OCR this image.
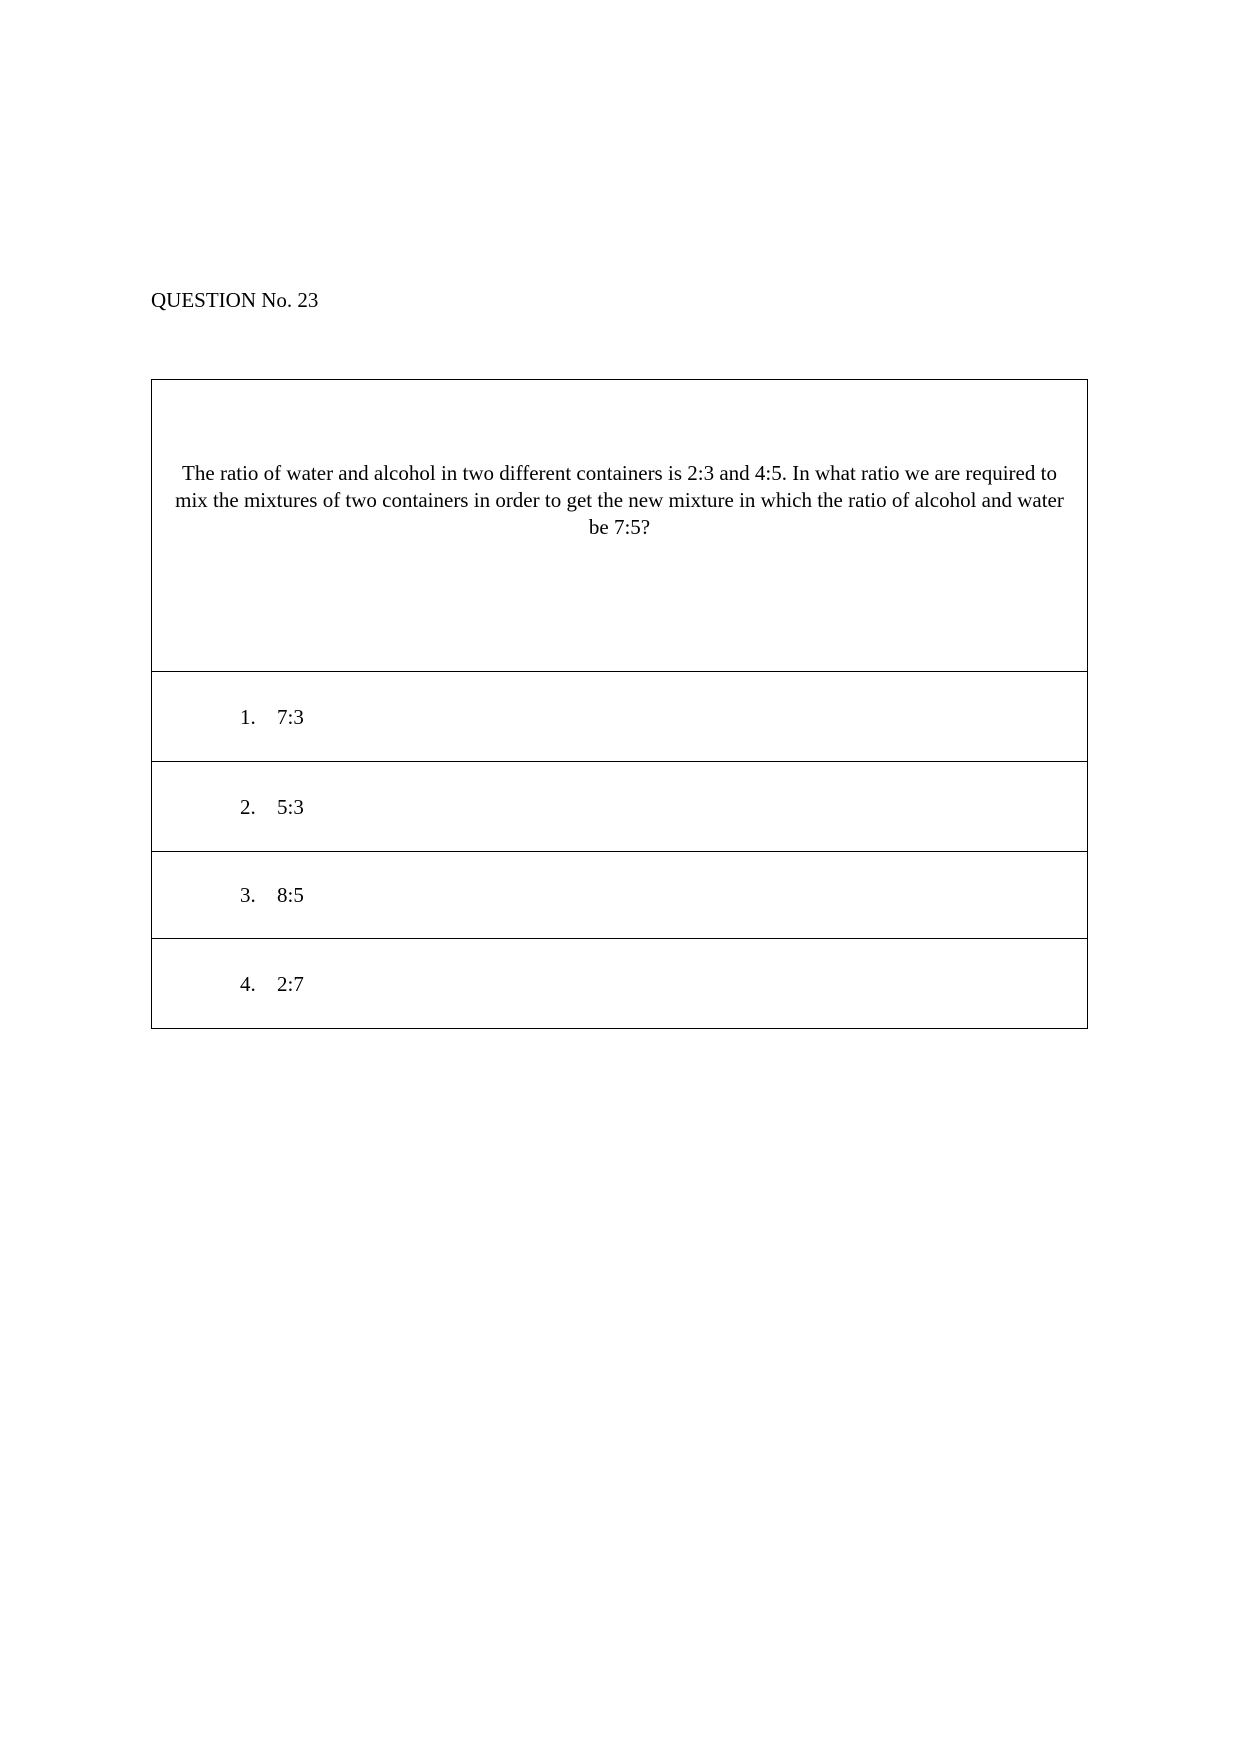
QUESTION No. 23

The ratio of water and alcohol in two different containers is 2:3 and 4:5. In what ratio we are required to mix the mixtures of two containers in order to get the new mixture in which the ratio of alcohol and water be 7:5?

1.	7:3

2.	5:3

3.	8:5

4.	2:7
